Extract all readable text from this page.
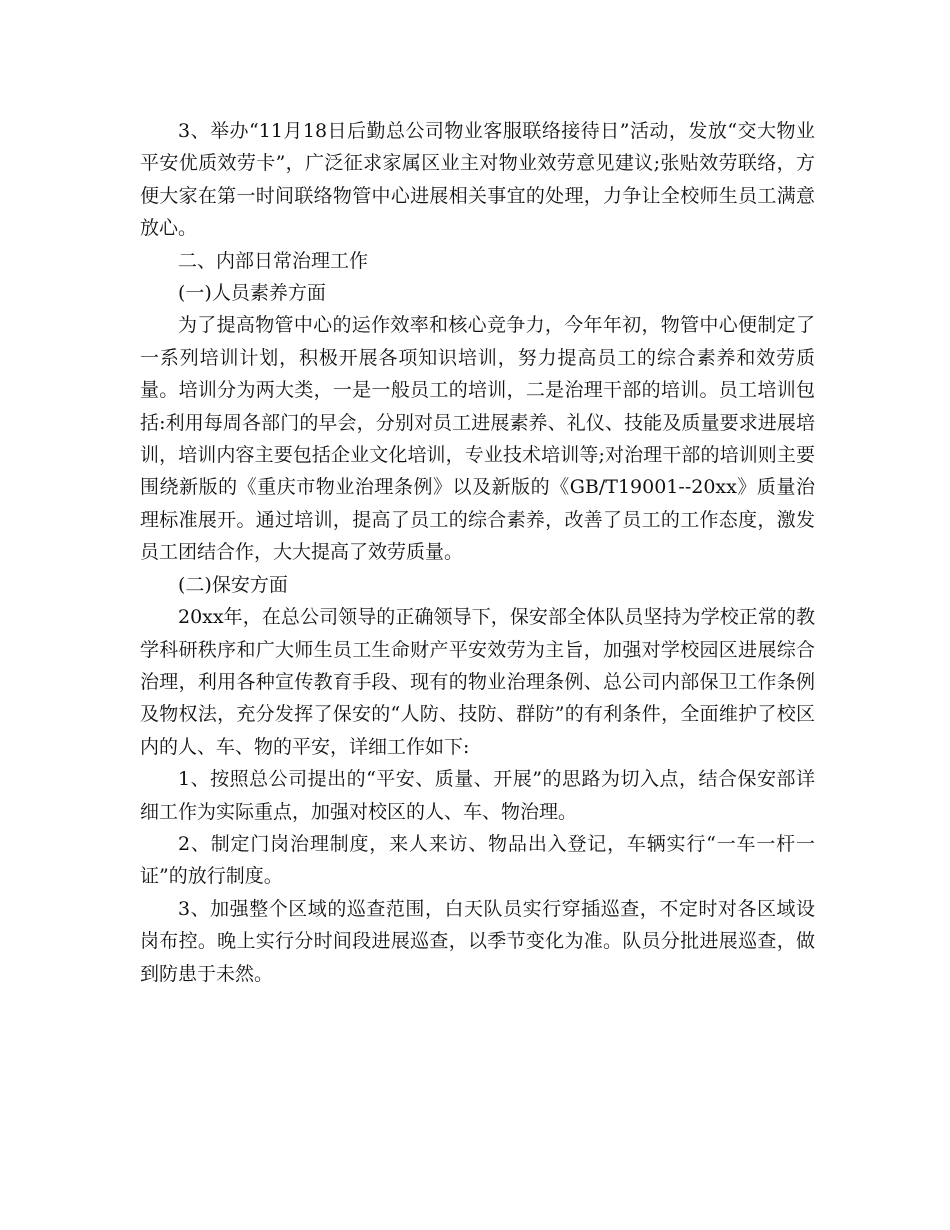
3、举办“11月18日后勤总公司物业客服联络接待日”活动，发放“交大物业平安优质效劳卡”，广泛征求家属区业主对物业效劳意见建议;张贴效劳联络，方便大家在第一时间联络物管中心进展相关事宜的处理，力争让全校师生员工满意放心。

二、内部日常治理工作

(一)人员素养方面

为了提高物管中心的运作效率和核心竞争力，今年年初，物管中心便制定了一系列培训计划，积极开展各项知识培训，努力提高员工的综合素养和效劳质量。培训分为两大类，一是一般员工的培训，二是治理干部的培训。员工培训包括:利用每周各部门的早会，分别对员工进展素养、礼仪、技能及质量要求进展培训，培训内容主要包括企业文化培训，专业技术培训等;对治理干部的培训则主要围绕新版的《重庆市物业治理条例》以及新版的《GB/T19001--20xx》质量治理标准展开。通过培训，提高了员工的综合素养，改善了员工的工作态度，激发员工团结合作，大大提高了效劳质量。

(二)保安方面

20xx年，在总公司领导的正确领导下，保安部全体队员坚持为学校正常的教学科研秩序和广大师生员工生命财产平安效劳为主旨，加强对学校园区进展综合治理，利用各种宣传教育手段、现有的物业治理条例、总公司内部保卫工作条例及物权法，充分发挥了保安的“人防、技防、群防”的有利条件，全面维护了校区内的人、车、物的平安，详细工作如下:

1、按照总公司提出的“平安、质量、开展”的思路为切入点，结合保安部详细工作为实际重点，加强对校区的人、车、物治理。

2、制定门岗治理制度，来人来访、物品出入登记，车辆实行“一车一杆一证”的放行制度。

3、加强整个区域的巡查范围，白天队员实行穿插巡查，不定时对各区域设岗布控。晚上实行分时间段进展巡查，以季节变化为准。队员分批进展巡查，做到防患于未然。
